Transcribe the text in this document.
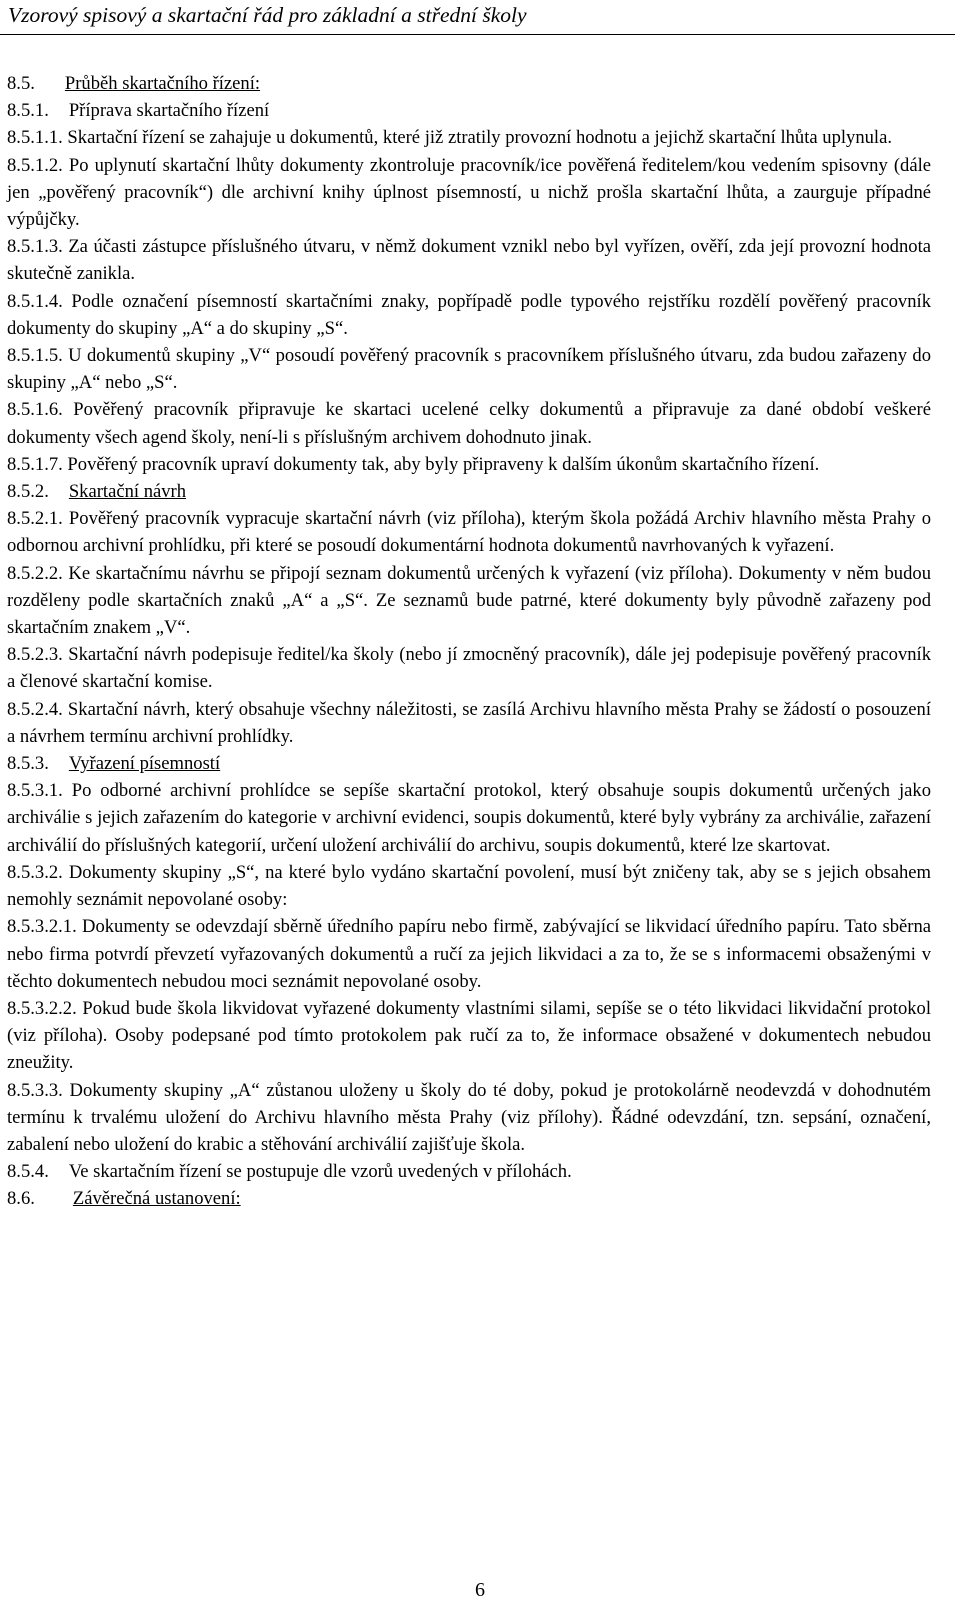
Vzorový spisový a skartační řád pro základní a střední školy

8.5. Průběh skartačního řízení:

8.5.1. Příprava skartačního řízení

8.5.1.1. Skartační řízení se zahajuje u dokumentů, které již ztratily provozní hodnotu a jejichž skartační lhůta uplynula.

8.5.1.2. Po uplynutí skartační lhůty dokumenty zkontroluje pracovník/ice pověřená ředitelem/kou vedením spisovny (dále jen „pověřený pracovník“) dle archivní knihy úplnost písemností, u nichž prošla skartační lhůta, a zaurguje případné výpůjčky.

8.5.1.3. Za účasti zástupce příslušného útvaru, v němž dokument vznikl nebo byl vyřízen, ověří, zda její provozní hodnota skutečně zanikla.

8.5.1.4. Podle označení písemností skartačními znaky, popřípadě podle typového rejstříku rozdělí pověřený pracovník dokumenty do skupiny „A“ a do skupiny „S“.

8.5.1.5. U dokumentů skupiny „V“ posoudí pověřený pracovník s pracovníkem příslušného útvaru, zda budou zařazeny do skupiny „A“ nebo „S“.

8.5.1.6. Pověřený pracovník připravuje ke skartaci ucelené celky dokumentů a připravuje za dané období veškeré dokumenty všech agend školy, není-li s příslušným archivem dohodnuto jinak.

8.5.1.7. Pověřený pracovník upraví dokumenty tak, aby byly připraveny k dalším úkonům skartačního řízení.

8.5.2. Skartační návrh

8.5.2.1. Pověřený pracovník vypracuje skartační návrh (viz příloha), kterým škola požádá Archiv hlavního města Prahy o odbornou archivní prohlídku, při které se posoudí dokumentární hodnota dokumentů navrhovaných k vyřazení.

8.5.2.2. Ke skartačnímu návrhu se připojí seznam dokumentů určených k vyřazení (viz příloha). Dokumenty v něm budou rozděleny podle skartačních znaků „A“ a „S“. Ze seznamů bude patrné, které dokumenty byly původně zařazeny pod skartačním znakem „V“.

8.5.2.3. Skartační návrh podepisuje ředitel/ka školy (nebo jí zmocněný pracovník), dále jej podepisuje pověřený pracovník a členové skartační komise.

8.5.2.4. Skartační návrh, který obsahuje všechny náležitosti, se zasílá Archivu hlavního města Prahy se žádostí o posouzení a návrhem termínu archivní prohlídky.

8.5.3. Vyřazení písemností

8.5.3.1. Po odborné archivní prohlídce se sepíše skartační protokol, který obsahuje soupis dokumentů určených jako archiválie s jejich zařazením do kategorie v archivní evidenci, soupis dokumentů, které byly vybrány za archiválie, zařazení archiválií do příslušných kategorií, určení uložení archiválií do archivu, soupis dokumentů, které lze skartovat.

8.5.3.2. Dokumenty skupiny „S“, na které bylo vydáno skartační povolení, musí být zničeny tak, aby se s jejich obsahem nemohly seznámit nepovolané osoby:

8.5.3.2.1. Dokumenty se odevzdají sběrně úředního papíru nebo firmě, zabývající se likvidací úředního papíru. Tato sběrna nebo firma potvrdí převzetí vyřazovaných dokumentů a ručí za jejich likvidaci a za to, že se s informacemi obsaženými v těchto dokumentech nebudou moci seznámit nepovolané osoby.

8.5.3.2.2. Pokud bude škola likvidovat vyřazené dokumenty vlastními silami, sepíše se o této likvidaci likvidační protokol (viz příloha). Osoby podepsané pod tímto protokolem pak ručí za to, že informace obsažené v dokumentech nebudou zneužity.

8.5.3.3. Dokumenty skupiny „A“ zůstanou uloženy u školy do té doby, pokud je protokolárně neodevzdá v dohodnutém termínu k trvalému uložení do Archivu hlavního města Prahy (viz přílohy). Řádné odevzdání, tzn. sepsání, označení, zabalení nebo uložení do krabic a stěhování archiválií zajišťuje škola.

8.5.4. Ve skartačním řízení se postupuje dle vzorů uvedených v přílohách.

8.6. Závěrečná ustanovení:

6
